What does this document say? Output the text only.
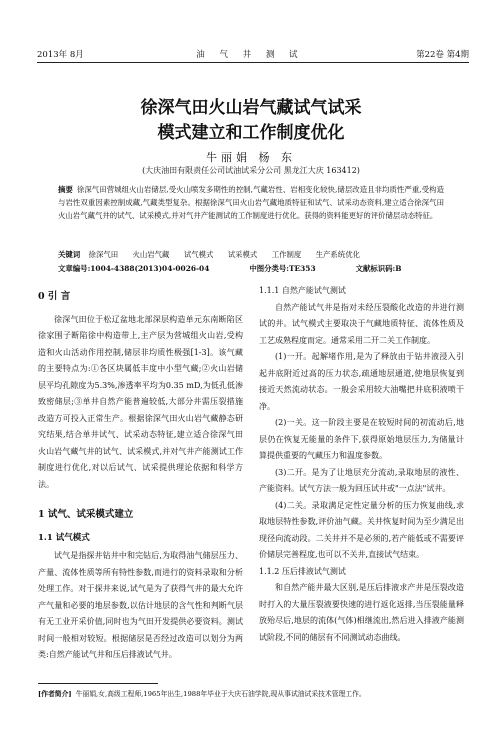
2013年 8月	油 气 井 测 试	第22卷 第4期
徐深气田火山岩气藏试气试采
模式建立和工作制度优化
牛丽娟 杨 东
(大庆油田有限责任公司试油试采分公司 黑龙江大庆 163412)
摘要 徐深气田营城组火山岩储层,受火山喷发多期性的控制,气藏岩性、岩相变化较快,储层改造且非均质性严重,受构造与岩性双重因素控制成藏,气藏类型复杂。根据徐深气田火山岩气藏地质特征和试气、试采动态资料,建立适合徐深气田火山岩气藏气井的试气、试采模式,并对气井产能测试的工作制度进行优化。获得的资料能更好的评价储层动态特征。
关键词 徐深气田 火山岩气藏 试气模式 试采模式 工作制度 生产系统优化
文章编号:1004-4388(2013)04-0026-04	中图分类号:TE353	文献标识码:B
0 引 言

徐深气田位于松辽盆地北部深层构造单元东南断陷区徐家围子断陷徐中构造带上,主产层为营城组火山岩,受构造和火山活动作用控制,储层非均质性极强[1-3]。该气藏的主要特点为:①各区块属低丰度中小型气藏;②火山岩储层平均孔隙度为5.3%,渗透率平均为0.35 mD,为低孔低渗致密储层;③单井自然产能普遍较低,大部分井需压裂措施改造方可投入正常生产。根据徐深气田火山岩气藏静态研究结果,结合单井试气、试采动态特征,建立适合徐深气田火山岩气藏气井的试气、试采模式,并对气井产能测试工作制度进行优化,对以后试气、试采提供理论依据和科学方法。

1 试气、试采模式建立
1.1 试气模式

试气是指探井钻井中和完钻后,为取得油气储层压力、产量、流体性质等所有特性参数,而进行的资料录取和分析处理工作。对于探井来说,试气是为了获得气井的最大允许产气量和必要的地层参数,以估计地层的含气性和判断气层有无工业开采价值,同时也为气田开发提供必要资料。测试时间一般相对较短。根据储层是否经过改造可以划分为两类:自然产能试气井和压后排液试气井。

1.1.1 自然产能试气测试

自然产能试气井是指对未经压裂酸化改造的井进行测试的井。试气模式主要取决于气藏地质特征、流体性质及工艺成熟程度而定。通常采用二开二关工作制度。

(1)一开。起解堵作用,是为了释放由于钻井液浸入引起井底附近过高的压力状态,疏通地层通道,使地层恢复到接近天然流动状态。一般会采用较大油嘴把井底积液喷干净。

(2)一关。这一阶段主要是在较短时间的初流动后,地层仍在恢复无能量的条件下,获得原始地层压力,为储量计算提供重要的气藏压力和温度参数。

(3)二开。是为了让地层充分流动,录取地层的液性、产能资料。试气方法一般为回压试井或"一点法"试井。

(4)二关。录取满足定性定量分析的压力恢复曲线,求取地层特性参数,评价油气藏。关井恢复时间为至少满足出现径向流动段。二关井并不是必须的,若产能低或不需要评价储层完善程度,也可以不关井,直接试气结束。

1.1.2 压后排液试气测试

和自然产能井最大区别,是压后排液求产井是压裂改造时打入的大量压裂液要快速的进行返化返排,当压裂能量释放殆尽后,地层的流体(气体)相继流出,然后进入排液产能测试阶段,不同的储层有不同测试动态曲线。

[作者简介] 牛丽娟,女,高级工程师,1965年出生,1988年毕业于大庆石油学院,现从事试油试采技术管理工作。
